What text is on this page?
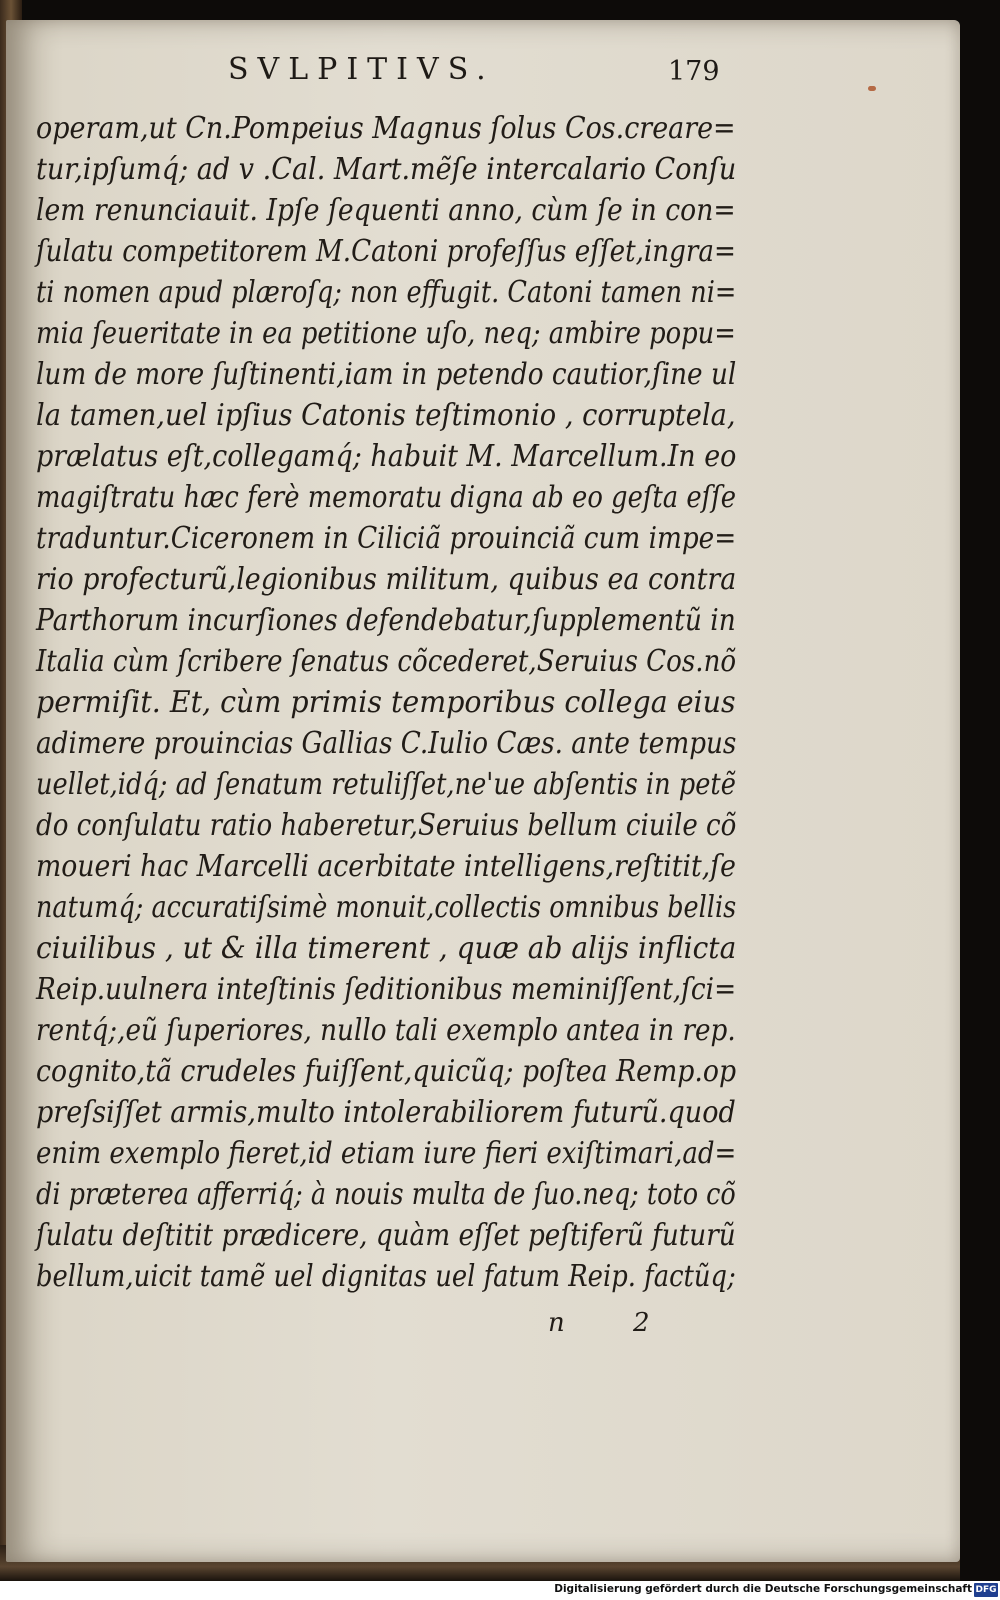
SVLPITIVS.	179
operam,ut Cn.Pompeius Magnus ſolus Cos.creare=
tur,ipſumq́; ad v .Cal. Mart.mẽſe intercalario Conſu
lem renunciauit. Ipſe ſequenti anno, cùm ſe in con=
ſulatu competitorem M.Catoni profeſſus eſſet,ingra=
ti nomen apud plæroſq; non effugit. Catoni tamen ni=
mia ſeueritate in ea petitione uſo, neq; ambire popu=
lum de more ſuſtinenti,iam in petendo cautior,ſine ul
la tamen,uel ipſius Catonis teſtimonio , corruptela,
prælatus eſt,collegamq́; habuit M. Marcellum.In eo
magiſtratu hæc ferè memoratu digna ab eo geſta eſſe
traduntur.Ciceronem in Ciliciã prouinciã cum impe=
rio profecturũ,legionibus militum, quibus ea contra
Parthorum incurſiones defendebatur,ſupplementũ in
Italia cùm ſcribere ſenatus cõcederet,Seruius Cos.nõ
permiſit. Et, cùm primis temporibus collega eius
adimere prouincias Gallias C.Iulio Cæs. ante tempus
uellet,idq́; ad ſenatum retuliſſet,ne'ue abſentis in petẽ
do conſulatu ratio haberetur,Seruius bellum ciuile cõ
moueri hac Marcelli acerbitate intelligens,reſtitit,ſe
natumq́; accuratiſsimè monuit,collectis omnibus bellis
ciuilibus , ut & illa timerent , quæ ab alijs inflicta
Reip.uulnera inteſtinis ſeditionibus meminiſſent,ſci=
rentq́;,eũ ſuperiores, nullo tali exemplo antea in rep.
cognito,tã crudeles fuiſſent,quicũq; poſtea Remp.op
preſsiſſet armis,multo intolerabiliorem futurũ.quod
enim exemplo fieret,id etiam iure fieri exiſtimari,ad=
di præterea afferriq́; à nouis multa de ſuo.neq; toto cõ
ſulatu deſtitit prædicere, quàm eſſet peſtiferũ futurũ
bellum,uicit tamẽ uel dignitas uel fatum Reip. factũq;
n 2
Digitalisierung gefördert durch die Deutsche Forschungsgemeinschaft DFG
